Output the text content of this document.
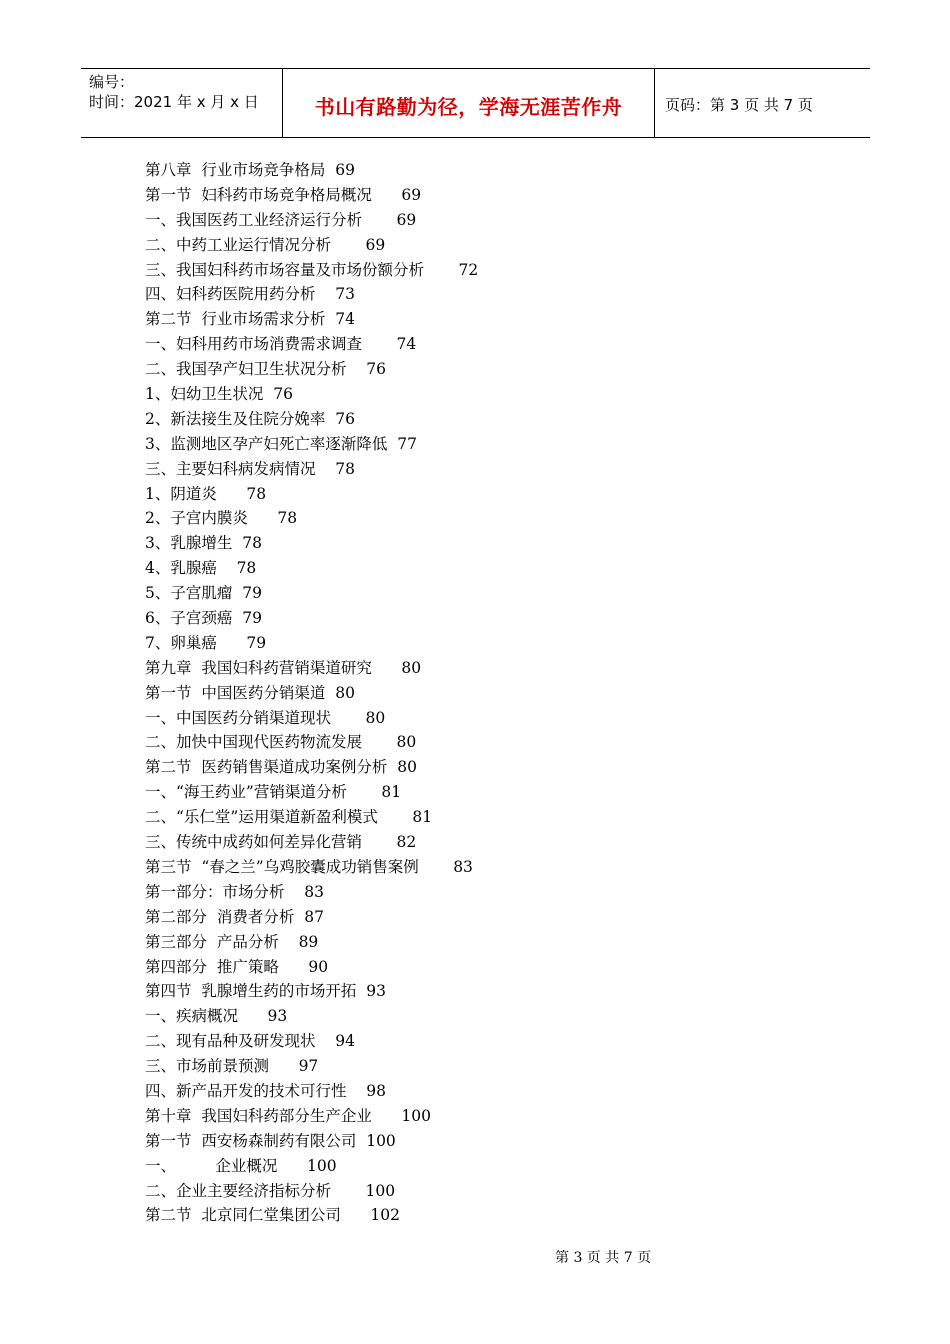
编号：
时间：2021 年 x 月 x 日	书山有路勤为径，学海无涯苦作舟	页码：第 3 页 共 7 页
第八章  行业市场竞争格局  69
第一节  妇科药市场竞争格局概况      69
一、我国医药工业经济运行分析       69
二、中药工业运行情况分析       69
三、我国妇科药市场容量及市场份额分析       72
四、妇科药医院用药分析    73
第二节  行业市场需求分析  74
一、妇科用药市场消费需求调查       74
二、我国孕产妇卫生状况分析    76
1、妇幼卫生状况  76
2、新法接生及住院分娩率  76
3、监测地区孕产妇死亡率逐渐降低  77
三、主要妇科病发病情况    78
1、阴道炎      78
2、子宫内膜炎      78
3、乳腺增生  78
4、乳腺癌    78
5、子宫肌瘤  79
6、子宫颈癌  79
7、卵巢癌      79
第九章  我国妇科药营销渠道研究      80
第一节  中国医药分销渠道  80
一、中国医药分销渠道现状       80
二、加快中国现代医药物流发展       80
第二节  医药销售渠道成功案例分析  80
一、“海王药业”营销渠道分析       81
二、“乐仁堂”运用渠道新盈利模式       81
三、传统中成药如何差异化营销       82
第三节  “春之兰”乌鸡胶囊成功销售案例       83
第一部分：市场分析    83
第二部分  消费者分析  87
第三部分  产品分析    89
第四部分  推广策略      90
第四节  乳腺增生药的市场开拓  93
一、疾病概况      93
二、现有品种及研发现状    94
三、市场前景预测      97
四、新产品开发的技术可行性    98
第十章  我国妇科药部分生产企业      100
第一节  西安杨森制药有限公司  100
一、        企业概况      100
二、企业主要经济指标分析       100
第二节  北京同仁堂集团公司      102
第 3 页 共 7 页
